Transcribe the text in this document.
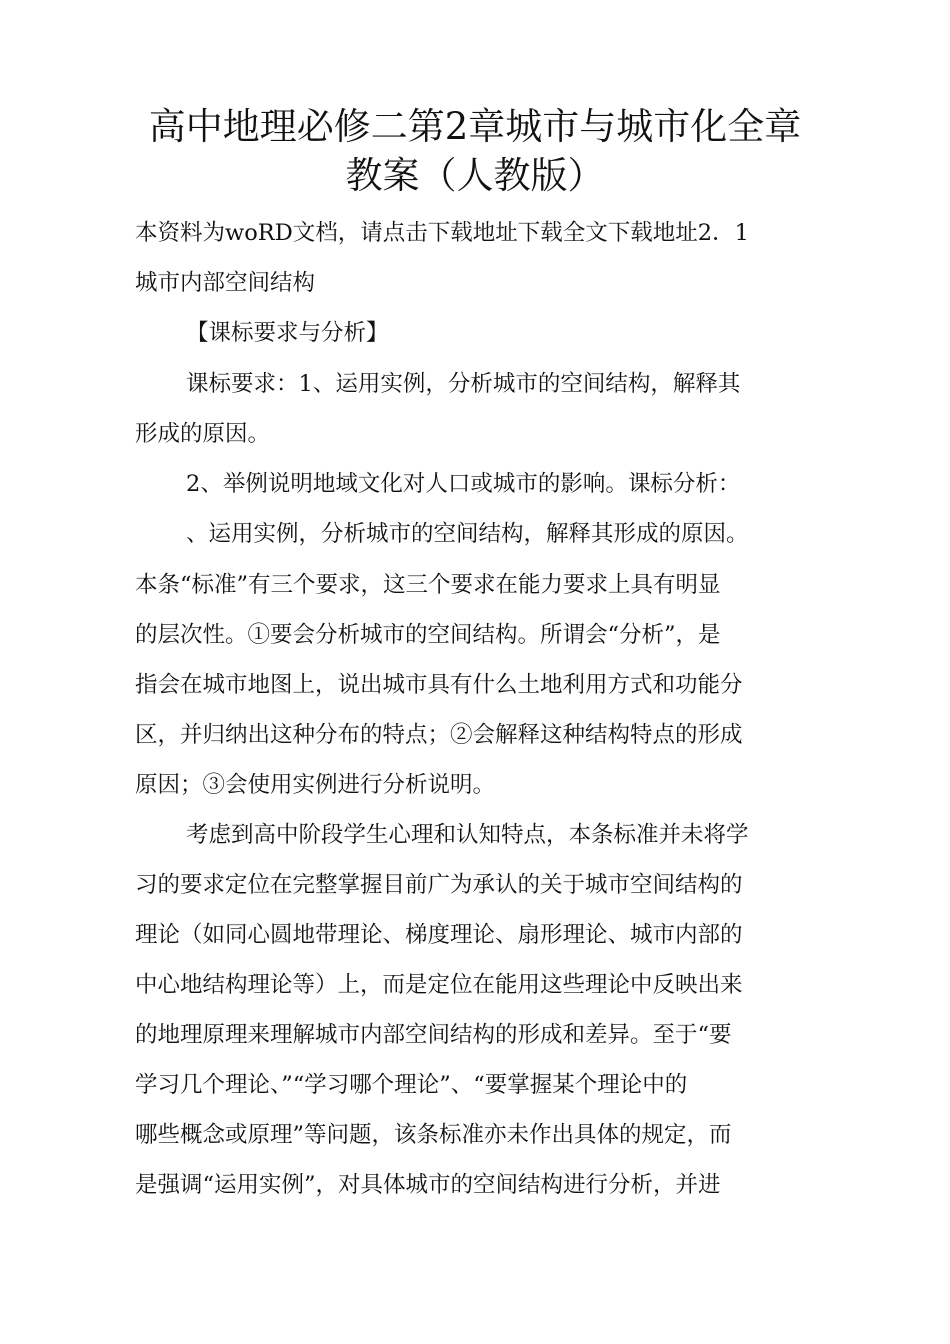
高中地理必修二第2章城市与城市化全章
教案（人教版）
本资料为woRD文档，请点击下载地址下载全文下载地址2．1
城市内部空间结构
【课标要求与分析】
课标要求：1、运用实例，分析城市的空间结构，解释其
形成的原因。
2、举例说明地域文化对人口或城市的影响。课标分析：
、运用实例，分析城市的空间结构，解释其形成的原因。
本条“标准”有三个要求，这三个要求在能力要求上具有明显
的层次性。①要会分析城市的空间结构。所谓会“分析”，是
指会在城市地图上，说出城市具有什么土地利用方式和功能分
区，并归纳出这种分布的特点；②会解释这种结构特点的形成
原因；③会使用实例进行分析说明。
考虑到高中阶段学生心理和认知特点，本条标准并未将学
习的要求定位在完整掌握目前广为承认的关于城市空间结构的
理论（如同心圆地带理论、梯度理论、扇形理论、城市内部的
中心地结构理论等）上，而是定位在能用这些理论中反映出来
的地理原理来理解城市内部空间结构的形成和差异。至于“要
学习几个理论、”“学习哪个理论”、“要掌握某个理论中的
哪些概念或原理”等问题，该条标准亦未作出具体的规定，而
是强调“运用实例”，对具体城市的空间结构进行分析，并进
